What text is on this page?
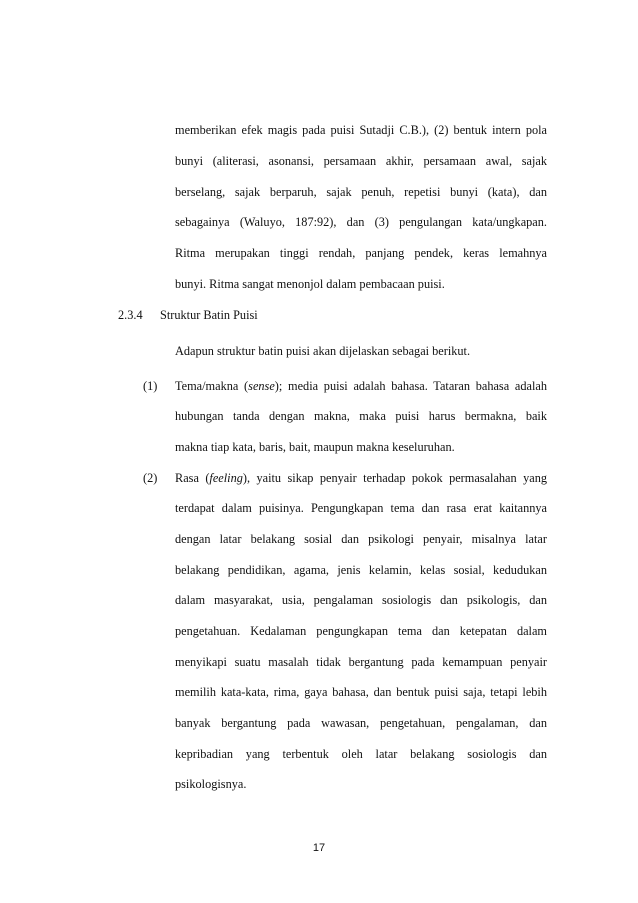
memberikan efek magis pada puisi Sutadji C.B.), (2) bentuk intern pola
bunyi (aliterasi, asonansi, persamaan akhir, persamaan awal, sajak
berselang, sajak berparuh, sajak penuh, repetisi bunyi (kata), dan
sebagainya (Waluyo, 187:92), dan (3) pengulangan kata/ungkapan.
Ritma merupakan tinggi rendah, panjang pendek, keras lemahnya
bunyi. Ritma sangat menonjol dalam pembacaan puisi.
2.3.4 Struktur Batin Puisi
Adapun struktur batin puisi akan dijelaskan sebagai berikut.
(1) Tema/makna (sense); media puisi adalah bahasa. Tataran bahasa adalah
hubungan tanda dengan makna, maka puisi harus bermakna, baik
makna tiap kata, baris, bait, maupun makna keseluruhan.
(2) Rasa (feeling), yaitu sikap penyair terhadap pokok permasalahan yang
terdapat dalam puisinya. Pengungkapan tema dan rasa erat kaitannya
dengan latar belakang sosial dan psikologi penyair, misalnya latar
belakang pendidikan, agama, jenis kelamin, kelas sosial, kedudukan
dalam masyarakat, usia, pengalaman sosiologis dan psikologis, dan
pengetahuan. Kedalaman pengungkapan tema dan ketepatan dalam
menyikapi suatu masalah tidak bergantung pada kemampuan penyair
memilih kata-kata, rima, gaya bahasa, dan bentuk puisi saja, tetapi lebih
banyak bergantung pada wawasan, pengetahuan, pengalaman, dan
kepribadian yang terbentuk oleh latar belakang sosiologis dan
psikologisnya.
17
